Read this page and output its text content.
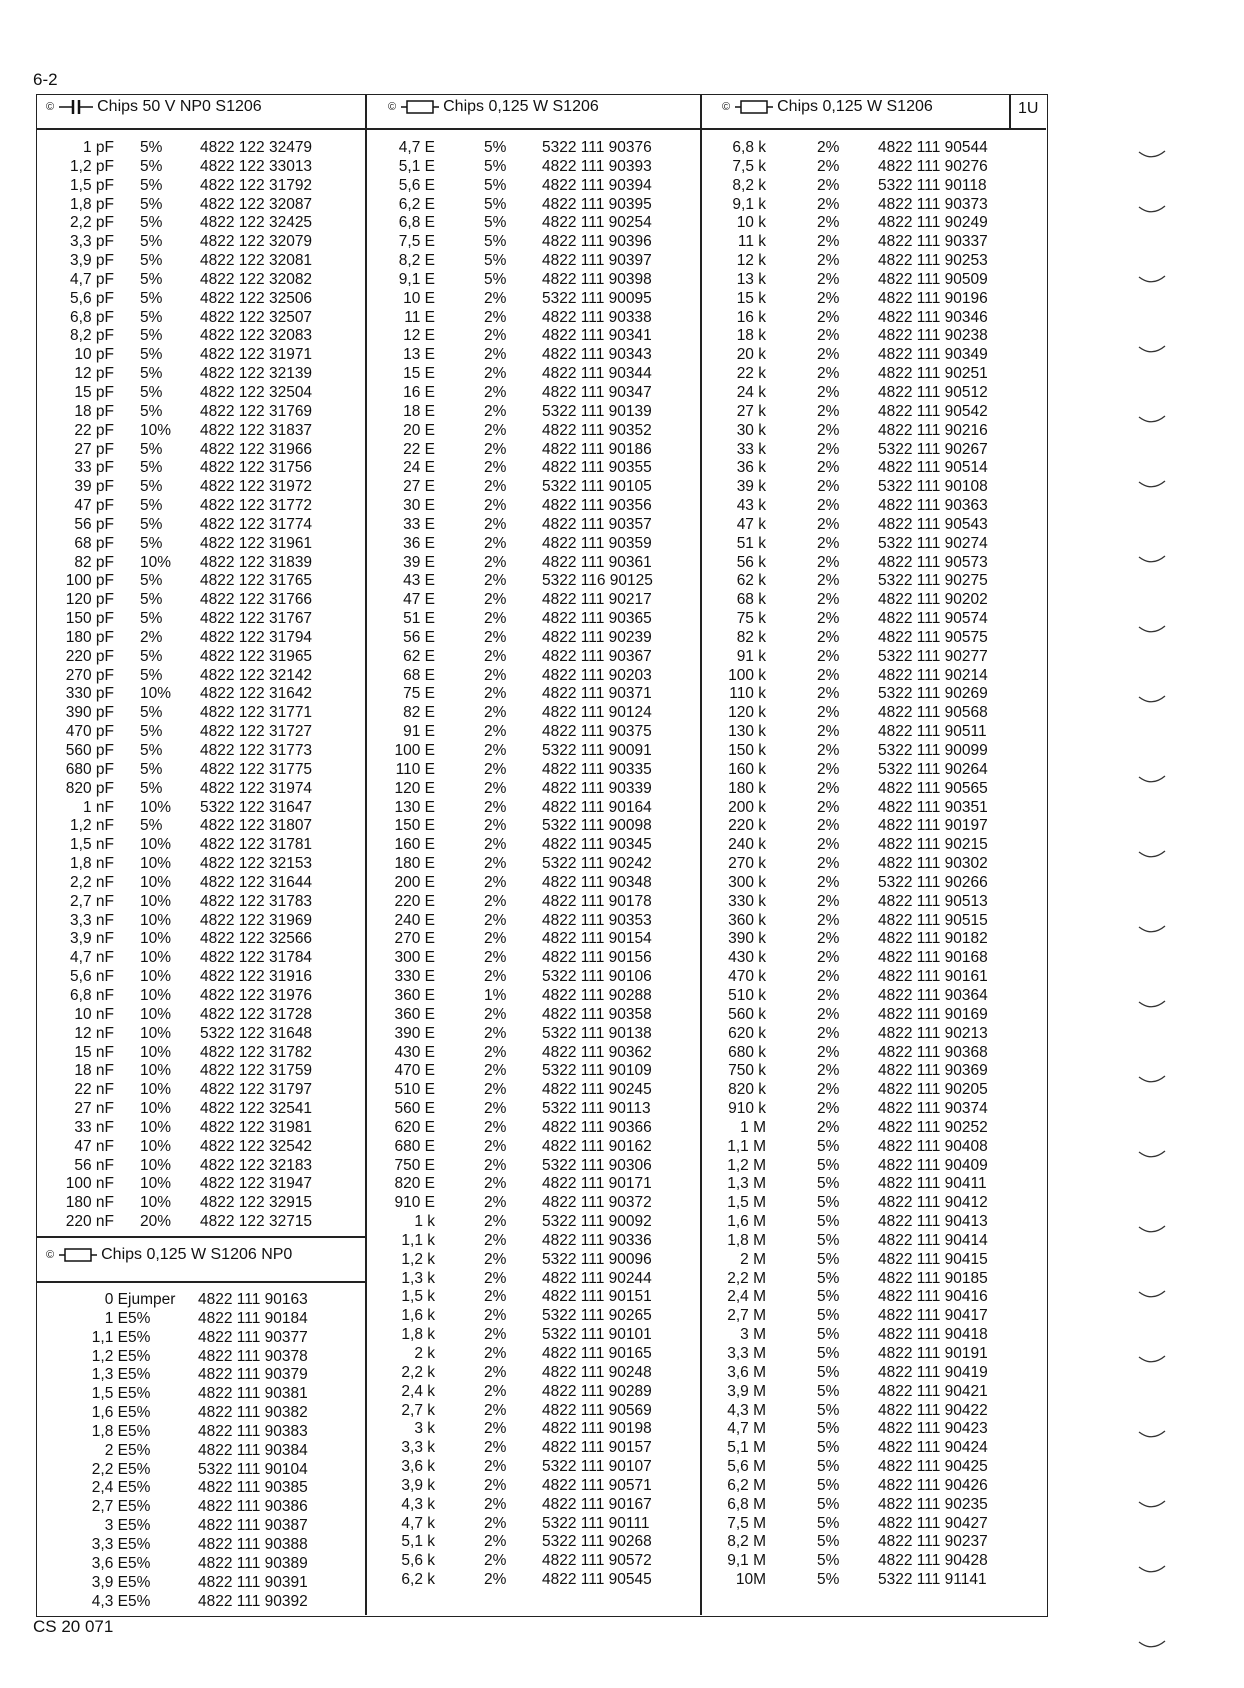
6-2
©	Chips 50 V NP0 S1206	©	Chips 0,125 W S1206	©	Chips 0,125 W S1206	1U
©	Chips 0,125 W S1206 NP0
1 pF 5% 4822 122 32479
1,2 pF 5% 4822 122 33013
1,5 pF 5% 4822 122 31792
1,8 pF 5% 4822 122 32087
2,2 pF 5% 4822 122 32425
3,3 pF 5% 4822 122 32079
3,9 pF 5% 4822 122 32081
4,7 pF 5% 4822 122 32082
5,6 pF 5% 4822 122 32506
6,8 pF 5% 4822 122 32507
8,2 pF 5% 4822 122 32083
10 pF 5% 4822 122 31971
12 pF 5% 4822 122 32139
15 pF 5% 4822 122 32504
18 pF 5% 4822 122 31769
22 pF 10% 4822 122 31837
27 pF 5% 4822 122 31966
33 pF 5% 4822 122 31756
39 pF 5% 4822 122 31972
47 pF 5% 4822 122 31772
56 pF 5% 4822 122 31774
68 pF 5% 4822 122 31961
82 pF 10% 4822 122 31839
100 pF 5% 4822 122 31765
120 pF 5% 4822 122 31766
150 pF 5% 4822 122 31767
180 pF 2% 4822 122 31794
220 pF 5% 4822 122 31965
270 pF 5% 4822 122 32142
330 pF 10% 4822 122 31642
390 pF 5% 4822 122 31771
470 pF 5% 4822 122 31727
560 pF 5% 4822 122 31773
680 pF 5% 4822 122 31775
820 pF 5% 4822 122 31974
1 nF 10% 5322 122 31647
1,2 nF 5% 4822 122 31807
1,5 nF 10% 4822 122 31781
1,8 nF 10% 4822 122 32153
2,2 nF 10% 4822 122 31644
2,7 nF 10% 4822 122 31783
3,3 nF 10% 4822 122 31969
3,9 nF 10% 4822 122 32566
4,7 nF 10% 4822 122 31784
5,6 nF 10% 4822 122 31916
6,8 nF 10% 4822 122 31976
10 nF 10% 4822 122 31728
12 nF 10% 5322 122 31648
15 nF 10% 4822 122 31782
18 nF 10% 4822 122 31759
22 nF 10% 4822 122 31797
27 nF 10% 4822 122 32541
33 nF 10% 4822 122 31981
47 nF 10% 4822 122 32542
56 nF 10% 4822 122 32183
100 nF 10% 4822 122 31947
180 nF 10% 4822 122 32915
220 nF 20% 4822 122 32715
0 E jumper 4822 111 90163
1 E 5%	4822 111 90184
1,1 E 5%	4822 111 90377
1,2 E 5%	4822 111 90378
1,3 E 5%	4822 111 90379
1,5 E 5%	4822 111 90381
1,6 E 5%	4822 111 90382
1,8 E 5%	4822 111 90383
2 E 5%	4822 111 90384
2,2 E 5%	5322 111 90104
2,4 E 5%	4822 111 90385
2,7 E 5%	4822 111 90386
3 E 5%	4822 111 90387
3,3 E 5%	4822 111 90388
3,6 E 5%	4822 111 90389
3,9 E 5%	4822 111 90391
4,3 E 5%	4822 111 90392
4,7 E	5% 5322 111 90376
5,1 E	5% 4822 111 90393
5,6 E	5% 4822 111 90394
6,2 E	5% 4822 111 90395
6,8 E	5% 4822 111 90254
7,5 E	5% 4822 111 90396
8,2 E	5% 4822 111 90397
9,1 E	5% 4822 111 90398
10 E	2% 5322 111 90095
11 E	2% 4822 111 90338
12 E	2% 4822 111 90341
13 E	2% 4822 111 90343
15 E	2% 4822 111 90344
16 E	2% 4822 111 90347
18 E	2% 5322 111 90139
20 E	2% 4822 111 90352
22 E	2% 4822 111 90186
24 E	2% 4822 111 90355
27 E	2% 5322 111 90105
30 E	2% 4822 111 90356
33 E	2% 4822 111 90357
36 E	2% 4822 111 90359
39 E	2% 4822 111 90361
43 E	2% 5322 116 90125
47 E	2% 4822 111 90217
51 E	2% 4822 111 90365
56 E	2% 4822 111 90239
62 E	2% 4822 111 90367
68 E	2% 4822 111 90203
75 E	2% 4822 111 90371
82 E	2% 4822 111 90124
91 E	2% 4822 111 90375
100 E	2% 5322 111 90091
110 E	2% 4822 111 90335
120 E	2% 4822 111 90339
130 E	2% 4822 111 90164
150 E	2% 5322 111 90098
160 E	2% 4822 111 90345
180 E	2% 5322 111 90242
200 E	2% 4822 111 90348
220 E	2% 4822 111 90178
240 E	2% 4822 111 90353
270 E	2% 4822 111 90154
300 E	2% 4822 111 90156
330 E	2% 5322 111 90106
360 E	1% 4822 111 90288
360 E	2% 4822 111 90358
390 E	2% 5322 111 90138
430 E	2% 4822 111 90362
470 E	2% 5322 111 90109
510 E	2% 4822 111 90245
560 E	2% 5322 111 90113
620 E	2% 4822 111 90366
680 E	2% 4822 111 90162
750 E	2% 5322 111 90306
820 E	2% 4822 111 90171
910 E	2% 4822 111 90372
1 k	2% 5322 111 90092
1,1 k	2% 4822 111 90336
1,2 k	2% 5322 111 90096
1,3 k	2% 4822 111 90244
1,5 k	2% 4822 111 90151
1,6 k	2% 5322 111 90265
1,8 k	2% 5322 111 90101
2 k	2% 4822 111 90165
2,2 k	2% 4822 111 90248
2,4 k	2% 4822 111 90289
2,7 k	2% 4822 111 90569
3 k	2% 4822 111 90198
3,3 k	2% 4822 111 90157
3,6 k	2% 5322 111 90107
3,9 k	2% 4822 111 90571
4,3 k	2% 4822 111 90167
4,7 k	2% 5322 111 90111
5,1 k	2% 5322 111 90268
5,6 k	2% 4822 111 90572
6,2 k	2% 4822 111 90545
6,8 k	2% 4822 111 90544
7,5 k	2% 4822 111 90276
8,2 k	2% 5322 111 90118
9,1 k	2% 4822 111 90373
10 k	2% 4822 111 90249
11 k	2% 4822 111 90337
12 k	2% 4822 111 90253
13 k	2% 4822 111 90509
15 k	2% 4822 111 90196
16 k	2% 4822 111 90346
18 k	2% 4822 111 90238
20 k	2% 4822 111 90349
22 k	2% 4822 111 90251
24 k	2% 4822 111 90512
27 k	2% 4822 111 90542
30 k	2% 4822 111 90216
33 k	2% 5322 111 90267
36 k	2% 4822 111 90514
39 k	2% 5322 111 90108
43 k	2% 4822 111 90363
47 k	2% 4822 111 90543
51 k	2% 5322 111 90274
56 k	2% 4822 111 90573
62 k	2% 5322 111 90275
68 k	2% 4822 111 90202
75 k	2% 4822 111 90574
82 k	2% 4822 111 90575
91 k	2% 5322 111 90277
100 k	2% 4822 111 90214
110 k	2% 5322 111 90269
120 k	2% 4822 111 90568
130 k	2% 4822 111 90511
150 k	2% 5322 111 90099
160 k	2% 5322 111 90264
180 k	2% 4822 111 90565
200 k	2% 4822 111 90351
220 k	2% 4822 111 90197
240 k	2% 4822 111 90215
270 k	2% 4822 111 90302
300 k	2% 5322 111 90266
330 k	2% 4822 111 90513
360 k	2% 4822 111 90515
390 k	2% 4822 111 90182
430 k	2% 4822 111 90168
470 k	2% 4822 111 90161
510 k	2% 4822 111 90364
560 k	2% 4822 111 90169
620 k	2% 4822 111 90213
680 k	2% 4822 111 90368
750 k	2% 4822 111 90369
820 k	2% 4822 111 90205
910 k	2% 4822 111 90374
1 M	2% 4822 111 90252
1,1 M	5% 4822 111 90408
1,2 M	5% 4822 111 90409
1,3 M	5% 4822 111 90411
1,5 M	5% 4822 111 90412
1,6 M	5% 4822 111 90413
1,8 M	5% 4822 111 90414
2 M	5% 4822 111 90415
2,2 M	5% 4822 111 90185
2,4 M	5% 4822 111 90416
2,7 M	5% 4822 111 90417
3 M	5% 4822 111 90418
3,3 M	5% 4822 111 90191
3,6 M	5% 4822 111 90419
3,9 M	5% 4822 111 90421
4,3 M	5% 4822 111 90422
4,7 M	5% 4822 111 90423
5,1 M	5% 4822 111 90424
5,6 M	5% 4822 111 90425
6,2 M	5% 4822 111 90426
6,8 M	5% 4822 111 90235
7,5 M	5% 4822 111 90427
8,2 M	5% 4822 111 90237
9,1 M	5% 4822 111 90428
10M	5% 5322 111 91141
CS 20 071
